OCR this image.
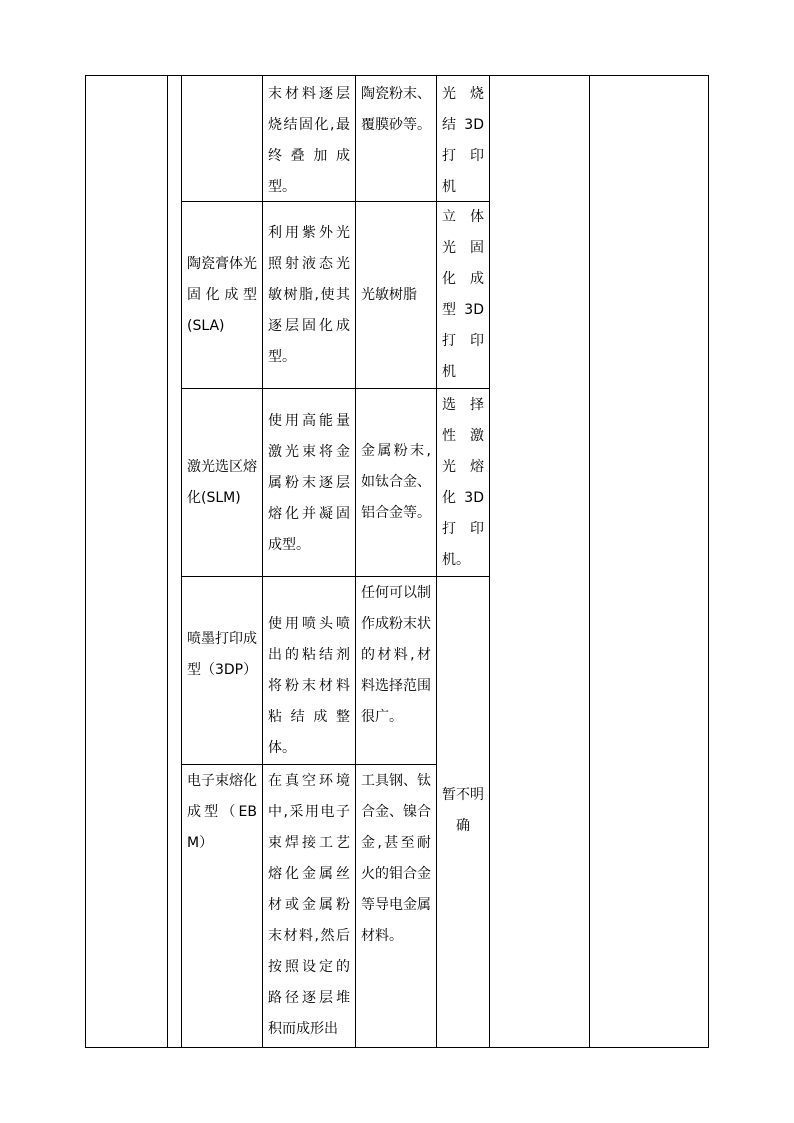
末材料逐层烧结固化,最终叠加成型。
陶瓷粉末、覆膜砂等。
光 烧 结 3D 打 印 机
陶瓷膏体光固化成型(SLA)
利用紫外光照射液态光敏树脂,使其逐层固化成型。
光敏树脂
立 体 光 固 化 成 型 3D 打 印 机
激光选区熔化(SLM)
使用高能量激光束将金属粉末逐层熔化并凝固成型。
金属粉末,如钛合金、铝合金等。
选 择 性 激 光 熔 化 3D 打 印 机。
喷墨打印成型（3DP）
使用喷头喷出的粘结剂将粉末材料粘结成整体。
任何可以制作成粉末状的材料,材料选择范围很广。
电子束熔化成型（EBM）
在真空环境中,采用电子束焊接工艺熔化金属丝材或金属粉末材料,然后按照设定的路径逐层堆积而成形出
工具钢、钛合金、镍合金,甚至耐火的钼合金等导电金属材料。
暂不明确
